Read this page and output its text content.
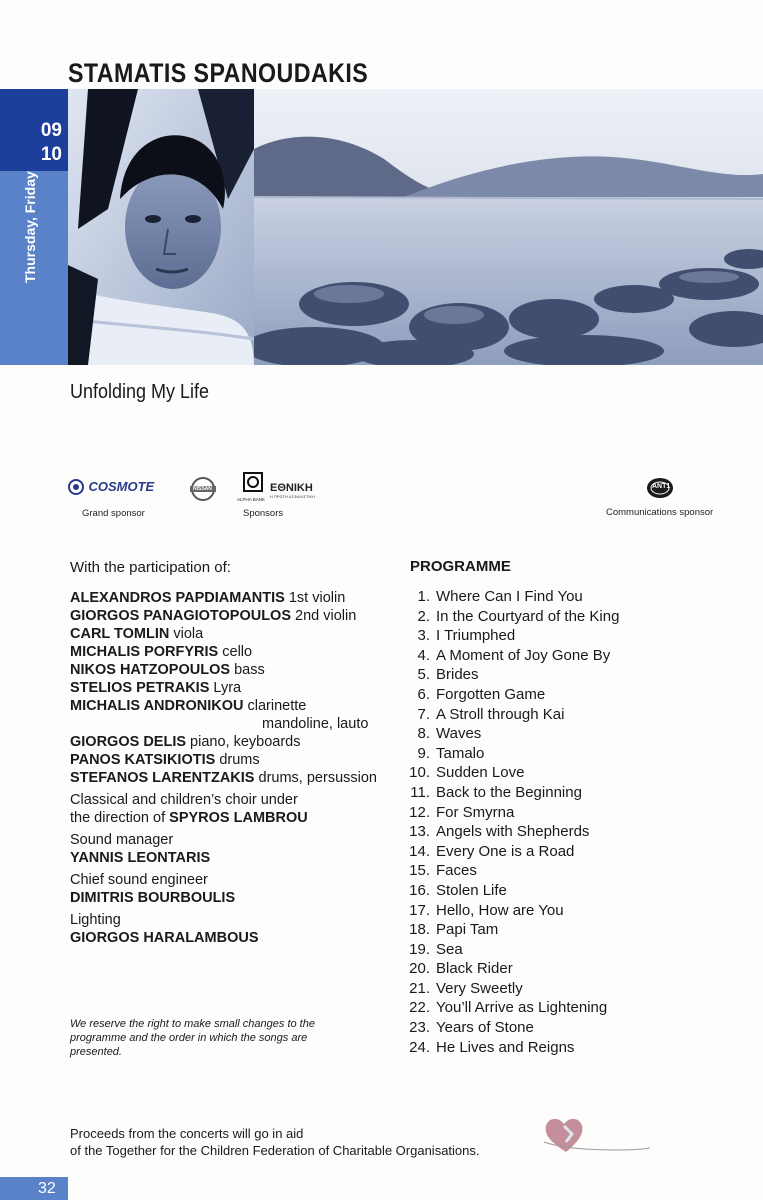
STAMATIS SPANOUDAKIS
09
10
Thursday, Friday
Unfolding My Life
COSMOTE
Grand sponsor
NISSAN
ALPHA BANK
ΕΘΝΙΚΗ
Η ΠΡΩΤΗ ΑΣΦΑΛΙΣΤΙΚΗ
Sponsors
ANT1
Communications sponsor
With the participation of:
ALEXANDROS PAPDIAMANTIS 1st violin
GIORGOS PANAGIOTOPOULOS 2nd violin
CARL TOMLIN viola
MICHALIS PORFYRIS cello
NIKOS HATZOPOULOS bass
STELIOS PETRAKIS Lyra
MICHALIS ANDRONIKOU clarinette
mandoline, lauto
GIORGOS DELIS piano, keyboards
PANOS KATSIKIOTIS drums
STEFANOS LARENTZAKIS drums, persussion
Classical and children’s choir under
the direction of SPYROS LAMBROU
Sound manager
YANNIS LEONTARIS
Chief sound engineer
DIMITRIS BOURBOULIS
Lighting
GIORGOS HARALAMBOUS
We reserve the right to make small changes to the programme and the order in which the songs are presented.
PROGRAMME
1. Where Can I Find You
2. In the Courtyard of the King
3. I Triumphed
4. A Moment of Joy Gone By
5. Brides
6. Forgotten Game
7. A Stroll through Kai
8. Waves
9. Tamalo
10. Sudden Love
11. Back to the Beginning
12. For Smyrna
13. Angels with Shepherds
14. Every One is a Road
15. Faces
16. Stolen Life
17. Hello, How are You
18. Papi Tam
19. Sea
20. Black Rider
21. Very Sweetly
22. You’ll Arrive as Lightening
23. Years of Stone
24. He Lives and Reigns
Proceeds from the concerts will go in aid
of the Together for the Children Federation of Charitable Organisations.
32
